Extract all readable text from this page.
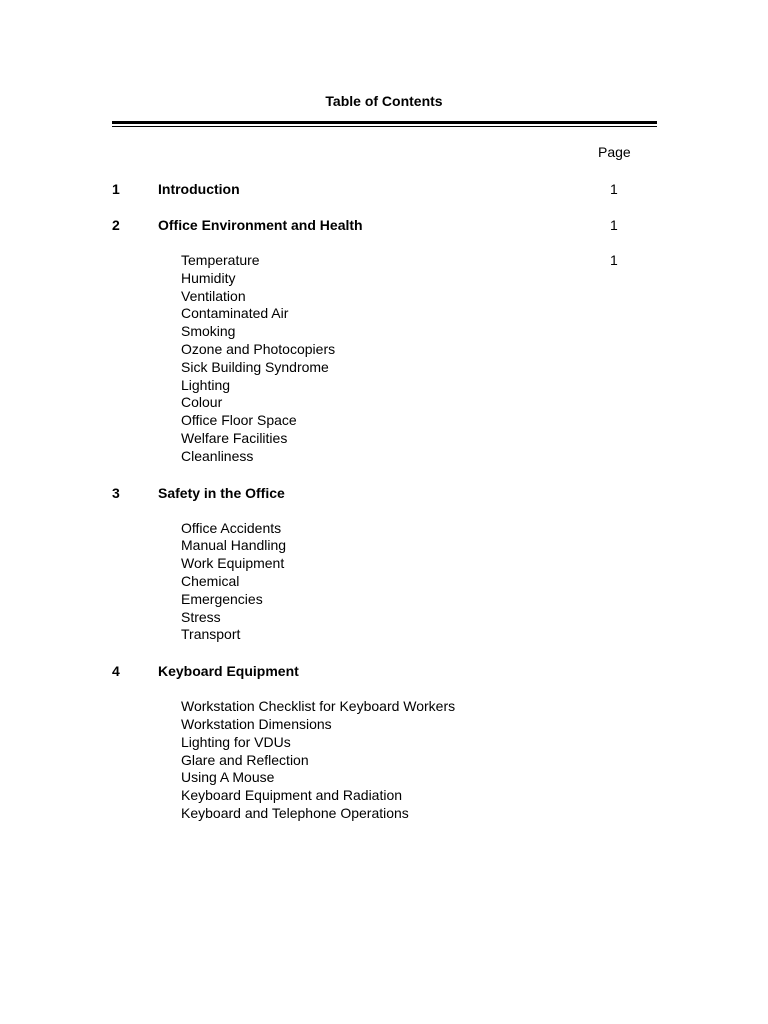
Table of Contents
Page
1	Introduction	1
2	Office Environment and Health	1
Temperature	1
Humidity
Ventilation
Contaminated Air
Smoking
Ozone and Photocopiers
Sick Building Syndrome
Lighting
Colour
Office Floor Space
Welfare Facilities
Cleanliness
3	Safety in the Office
Office Accidents
Manual Handling
Work Equipment
Chemical
Emergencies
Stress
Transport
4	Keyboard Equipment
Workstation Checklist for Keyboard Workers
Workstation Dimensions
Lighting for VDUs
Glare and Reflection
Using A Mouse
Keyboard Equipment and Radiation
Keyboard and Telephone Operations
